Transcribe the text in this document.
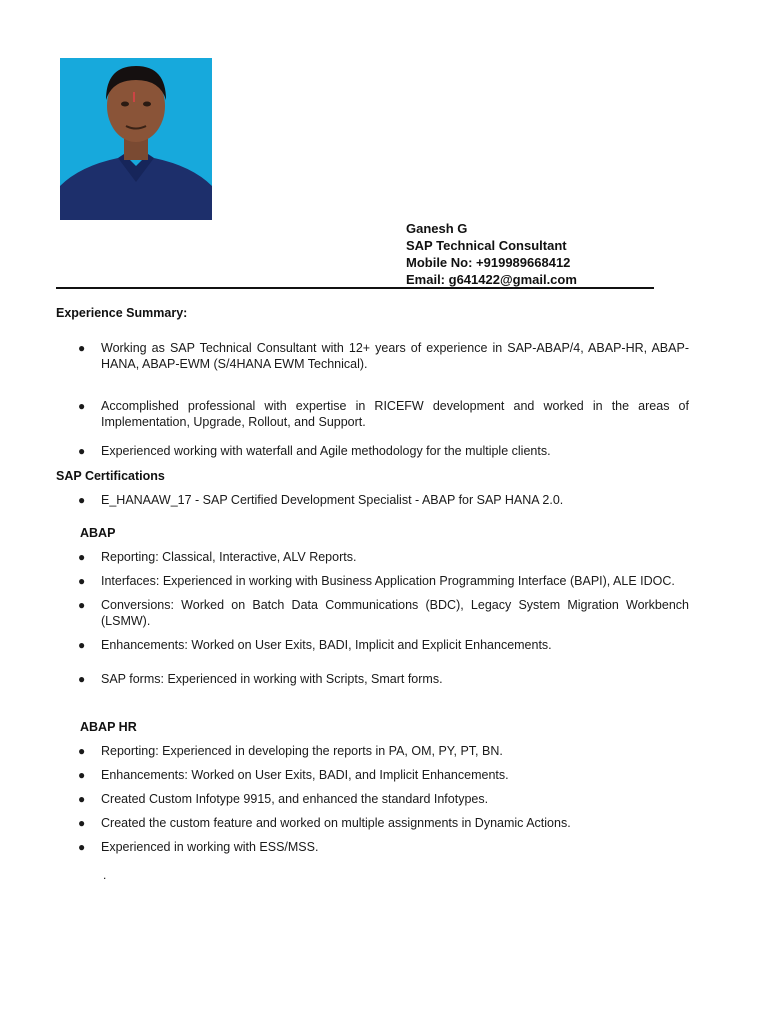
Ganesh G
SAP Technical Consultant
Mobile No: +919989668412
Email: g641422@gmail.com
Experience Summary:
● Working as SAP Technical Consultant with 12+ years of experience in SAP-ABAP/4, ABAP-HR, ABAP-HANA, ABAP-EWM (S/4HANA EWM Technical).
● Accomplished professional with expertise in RICEFW development and worked in the areas of Implementation, Upgrade, Rollout, and Support.
● Experienced working with waterfall and Agile methodology for the multiple clients.
SAP Certifications
● E_HANAAW_17 - SAP Certified Development Specialist - ABAP for SAP HANA 2.0.
ABAP
● Reporting: Classical, Interactive, ALV Reports.
● Interfaces: Experienced in working with Business Application Programming Interface (BAPI), ALE IDOC.
● Conversions: Worked on Batch Data Communications (BDC), Legacy System Migration Workbench (LSMW).
● Enhancements: Worked on User Exits, BADI, Implicit and Explicit Enhancements.
● SAP forms: Experienced in working with Scripts, Smart forms.
ABAP HR
● Reporting: Experienced in developing the reports in PA, OM, PY, PT, BN.
● Enhancements: Worked on User Exits, BADI, and Implicit Enhancements.
● Created Custom Infotype 9915, and enhanced the standard Infotypes.
● Created the custom feature and worked on multiple assignments in Dynamic Actions.
● Experienced in working with ESS/MSS.
.
